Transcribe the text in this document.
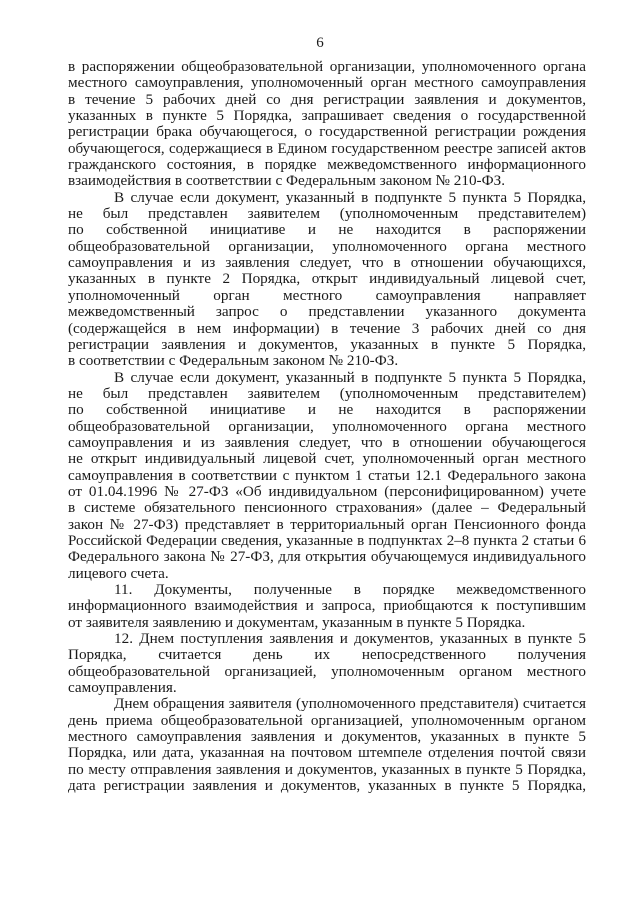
6
в распоряжении общеобразовательной организации, уполномоченного органа
местного самоуправления, уполномоченный орган местного самоуправления
в течение 5 рабочих дней со дня регистрации заявления и документов,
указанных в пункте 5 Порядка, запрашивает сведения о государственной
регистрации брака обучающегося, о государственной регистрации рождения
обучающегося, содержащиеся в Едином государственном реестре записей актов
гражданского состояния, в порядке межведомственного информационного
взаимодействия в соответствии с Федеральным законом № 210-ФЗ.
В случае если документ, указанный в подпункте 5 пункта 5 Порядка,
не был представлен заявителем (уполномоченным представителем)
по собственной инициативе и не находится в распоряжении
общеобразовательной организации, уполномоченного органа местного
самоуправления и из заявления следует, что в отношении обучающихся,
указанных в пункте 2 Порядка, открыт индивидуальный лицевой счет,
уполномоченный орган местного самоуправления направляет
межведомственный запрос о представлении указанного документа
(содержащейся в нем информации) в течение 3 рабочих дней со дня
регистрации заявления и документов, указанных в пункте 5 Порядка,
в соответствии с Федеральным законом № 210-ФЗ.
В случае если документ, указанный в подпункте 5 пункта 5 Порядка,
не был представлен заявителем (уполномоченным представителем)
по собственной инициативе и не находится в распоряжении
общеобразовательной организации, уполномоченного органа местного
самоуправления и из заявления следует, что в отношении обучающегося
не открыт индивидуальный лицевой счет, уполномоченный орган местного
самоуправления в соответствии с пунктом 1 статьи 12.1 Федерального закона
от 01.04.1996 № 27-ФЗ «Об индивидуальном (персонифицированном) учете
в системе обязательного пенсионного страхования» (далее – Федеральный
закон № 27-ФЗ) представляет в территориальный орган Пенсионного фонда
Российской Федерации сведения, указанные в подпунктах 2–8 пункта 2 статьи 6
Федерального закона № 27-ФЗ, для открытия обучающемуся индивидуального
лицевого счета.
11. Документы, полученные в порядке межведомственного
информационного взаимодействия и запроса, приобщаются к поступившим
от заявителя заявлению и документам, указанным в пункте 5 Порядка.
12. Днем поступления заявления и документов, указанных в пункте 5
Порядка, считается день их непосредственного получения
общеобразовательной организацией, уполномоченным органом местного
самоуправления.
Днем обращения заявителя (уполномоченного представителя) считается
день приема общеобразовательной организацией, уполномоченным органом
местного самоуправления заявления и документов, указанных в пункте 5
Порядка, или дата, указанная на почтовом штемпеле отделения почтой связи
по месту отправления заявления и документов, указанных в пункте 5 Порядка,
дата регистрации заявления и документов, указанных в пункте 5 Порядка,
